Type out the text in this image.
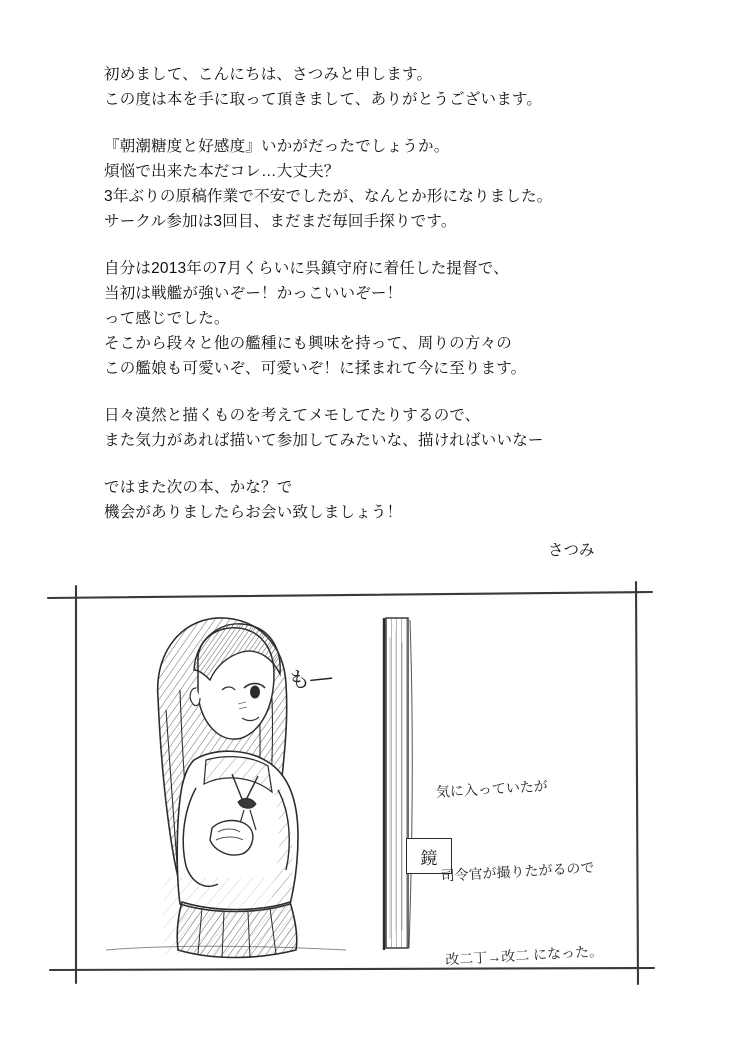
初めまして、こんにちは、さつみと申します。
この度は本を手に取って頂きまして、ありがとうございます。
『朝潮糖度と好感度』いかがだったでしょうか。
煩悩で出来た本だコレ…大丈夫？
3年ぶりの原稿作業で不安でしたが、なんとか形になりました。
サークル参加は3回目、まだまだ毎回手探りです。
自分は2013年の7月くらいに呉鎮守府に着任した提督で、
当初は戦艦が強いぞー！かっこいいぞー！
って感じでした。
そこから段々と他の艦種にも興味を持って、周りの方々の
この艦娘も可愛いぞ、可愛いぞ！に揉まれて今に至ります。
日々漠然と描くものを考えてメモしてたりするので、
また気力があれば描いて参加してみたいな、描ければいいなー
ではまた次の本、かな？で
機会がありましたらお会い致しましょう！
さつみ
も―
鏡

気に入っていたが

司令官が撮りたがるので

改二丁→改二 になった。
